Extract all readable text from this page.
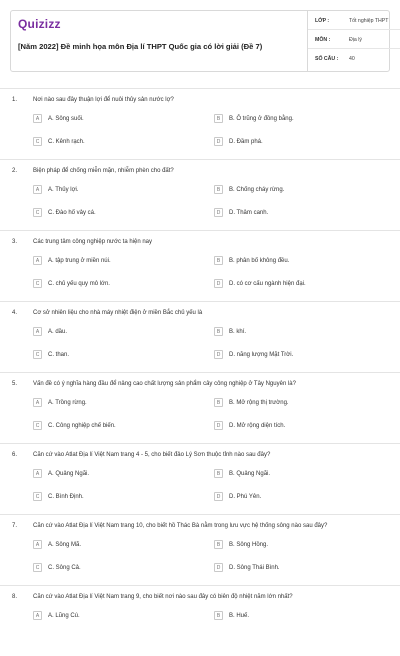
Quizizz
[Năm 2022] Đề minh họa môn Địa lí THPT Quốc gia có lời giải (Đề 7)
LỚP :	Tốt nghiệp THPT
MÔN :	Địa lý
SỐ CÂU :	40
1.	Nơi nào sau đây thuận lợi để nuôi thủy sản nước lợ?
A	A. Sông suối.	B	B. Ô trũng ở đồng bằng.
C	C. Kênh rạch.	D	D. Đầm phá.
2.	Biện pháp để chống miễn mặn, nhiễm phèn cho đất?
A	A. Thủy lợi.	B	B. Chống cháy rừng.
C	C. Đào hố vảy cá.	D	D. Thâm canh.
3.	Các trung tâm công nghiệp nước ta hiện nay
A	A. tập trung ở miền núi.	B	B. phân bố không đều.
C	C. chủ yếu quy mô lớn.	D	D. có cơ cấu ngành hiện đại.
4.	Cơ sở nhiên liệu cho nhà máy nhiệt điện ở miền Bắc chủ yếu là
A	A. dầu.	B	B. khí.
C	C. than.	D	D. năng lượng Mặt Trời.
5.	Vấn đề có ý nghĩa hàng đầu để nâng cao chất lượng sản phẩm cây công nghiệp ở Tây Nguyên là?
A	A. Trồng rừng.	B	B. Mở rộng thị trường.
C	C. Công nghiệp chế biến.	D	D. Mở rộng diện tích.
6.	Căn cứ vào Atlat Địa lí Việt Nam trang 4 - 5, cho biết đảo Lý Sơn thuộc tỉnh nào sau đây?
A	A. Quảng Ngãi.	B	B. Quảng Ngãi.
C	C. Bình Định.	D	D. Phú Yên.
7.	Căn cứ vào Atlat Địa lí Việt Nam trang 10, cho biết hồ Thác Bà nằm trong lưu vực hệ thống sông nào sau đây?
A	A. Sông Mã.	B	B. Sông Hồng.
C	C. Sông Cả.	D	D. Sông Thái Bình.
8.	Căn cứ vào Atlat Địa lí Việt Nam trang 9, cho biết nơi nào sau đây có biên độ nhiệt năm lớn nhất?
A	A. Lũng Cú.	B	B. Huế.
